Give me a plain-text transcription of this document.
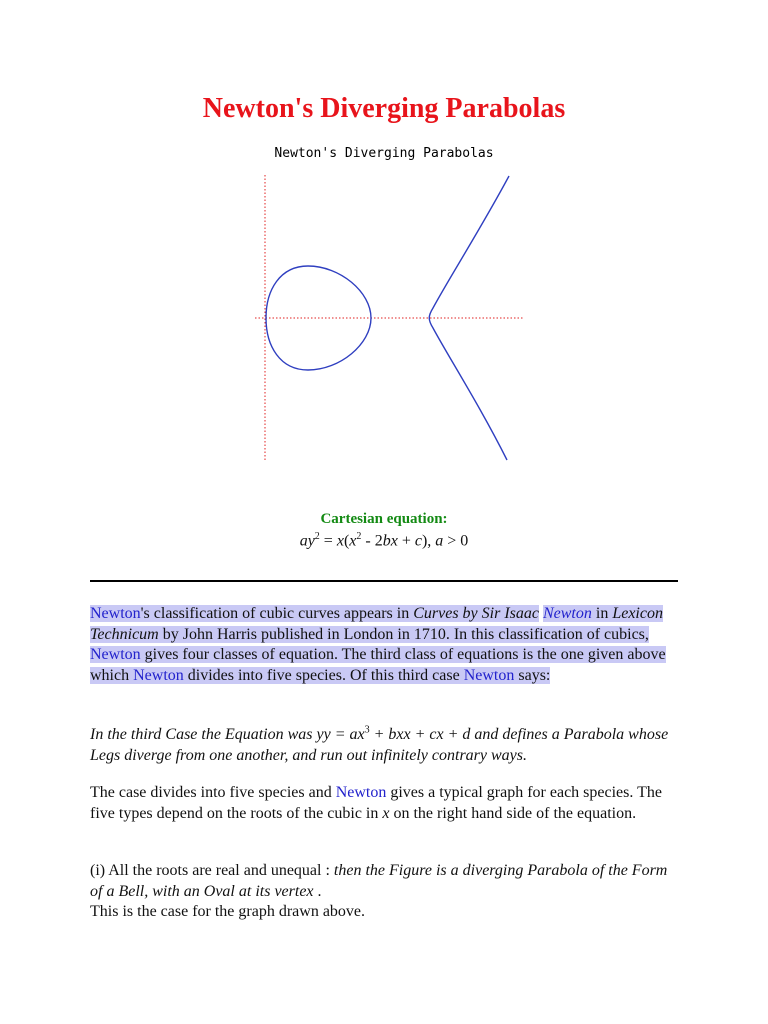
Newton's Diverging Parabolas
Newton's Diverging Parabolas
Cartesian equation:
$ay^2 = x(x^2 - 2bx + c)$, a > 0
Newton's classification of cubic curves appears in Curves by Sir Isaac Newton in Lexicon Technicum by John Harris published in London in 1710. In this classification of cubics, Newton gives four classes of equation. The third class of equations is the one given above which Newton divides into five species. Of this third case Newton says:
In the third Case the Equation was yy = $ax^3$ + bxx + cx + d and defines a Parabola whose Legs diverge from one another, and run out infinitely contrary ways.
The case divides into five species and Newton gives a typical graph for each species. The five types depend on the roots of the cubic in x on the right hand side of the equation.
(i) All the roots are real and unequal : then the Figure is a diverging Parabola of the Form of a Bell, with an Oval at its vertex .
This is the case for the graph drawn above.
